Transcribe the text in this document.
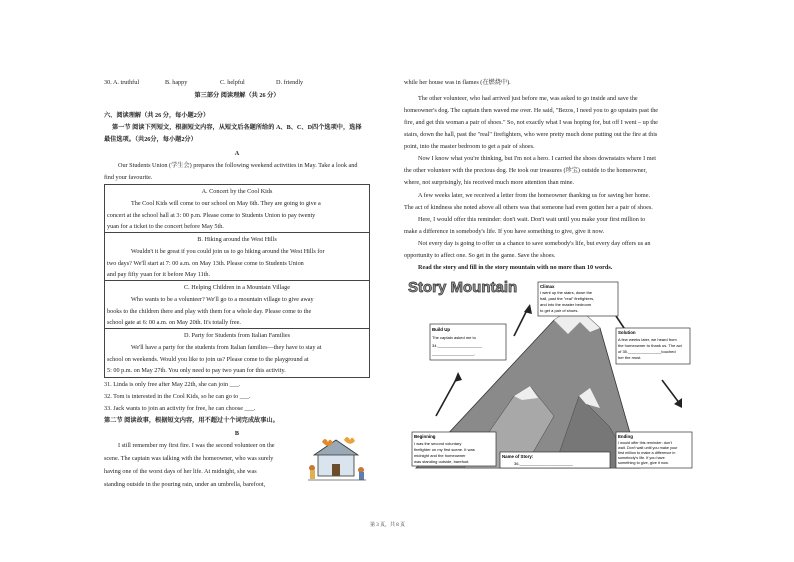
30. A. truthful	B. happy	C. helpful	D. friendly
第三部分 阅读理解（共 26 分）
六、阅读理解（共 26 分，每小题2分）
第一节 阅读下列短文，根据短文内容，从短文后各题所给的 A、B、C、D四个选项中，选择
最佳选项。（共26分，每小题2分）
A
Our Students Union (学生会) prepares the following weekend activities in May. Take a look and
find your favourite.
A. Concert by the Cool Kids
The Cool Kids will come to our school on May 6th. They are going to give a
concert at the school hall at 3: 00 p.m. Please come to Students Union to pay twenty
yuan for a ticket to the concert before May 5th.
B. Hiking around the West Hills
Wouldn't it be great if you could join us to go hiking around the West Hills for
two days? We'll start at 7: 00 a.m. on May 13th. Please come to Students Union
and pay fifty yuan for it before May 11th.
C. Helping Children in a Mountain Village
Who wants to be a volunteer? We'll go to a mountain village to give away
books to the children there and play with them for a whole day. Please come to the
school gate at 6: 00 a.m. on May 20th. It's totally free.
D. Party for Students from Italian Families
We'll have a party for the students from Italian families—they have to stay at
school on weekends. Would you like to join us? Please come to the playground at
5: 00 p.m. on May 27th. You only need to pay two yuan for this activity.
31. Linda is only free after May 22th, she can join ___.
32. Tom is interested in the Cool Kids, so he can go to ___.
33. Jack wants to join an activity for free, he can choose ___.
第二节 阅读故事，根据短文内容，用不超过十个词完成故事山。
B
I still remember my first fire. I was the second volunteer on the
scene. The captain was talking with the homeowner, who was surely
having one of the worst days of her life. At midnight, she was
standing outside in the pouring rain, under an umbrella, barefoot,
while her house was in flames (在燃烧中).
The other volunteer, who had arrived just before me, was asked to go inside and save the
homeowner's dog. The captain then waved me over. He said, "Bezos, I need you to go upstairs past the
fire, and get this woman a pair of shoes." So, not exactly what I was hoping for, but off I went – up the
stairs, down the hall, past the "real" firefighters, who were pretty much done putting out the fire at this
point, into the master bedroom to get a pair of shoes.
Now I know what you're thinking, but I'm not a hero. I carried the shoes downstairs where I met
the other volunteer with the precious dog. He took our treasures (珍宝) outside to the homeowner,
where, not surprisingly, his received much more attention than mine.
A few weeks later, we received a letter from the homeowner thanking us for saving her home.
The act of kindness she noted above all others was that someone had even gotten her a pair of shoes.
Here, I would offer this reminder: don't wait. Don't wait until you make your first million to
make a difference in somebody's life. If you have something to give, give it now.
Not every day is going to offer us a chance to save somebody's life, but every day offers us an
opportunity to affect one. So get in the game. Save the shoes.
Read the story and fill in the story mountain with no more than 10 words.
Story Mountain	Climax
I went up the stairs, down the
hall, past the "real" firefighters,
and into the master bedroom
to get a pair of shoes.
Build Up
The captain asked me to
34.____________________
___________________.
Solution
A few weeks later, we heard from
the homeowner to thank us. The act
of 35._______________touched
her the most.
Beginning
I was the second voluntary
firefighter on my first scene. It was
midnight and the homeowner
was standing outside, barefoot.
Name of Story:
36.________________________
Ending
I would offer this reminder: don't
wait. Don't wait until you make your
first million to make a difference in
somebody's life. If you have
something to give, give it now.
第 3 页，共 8 页
